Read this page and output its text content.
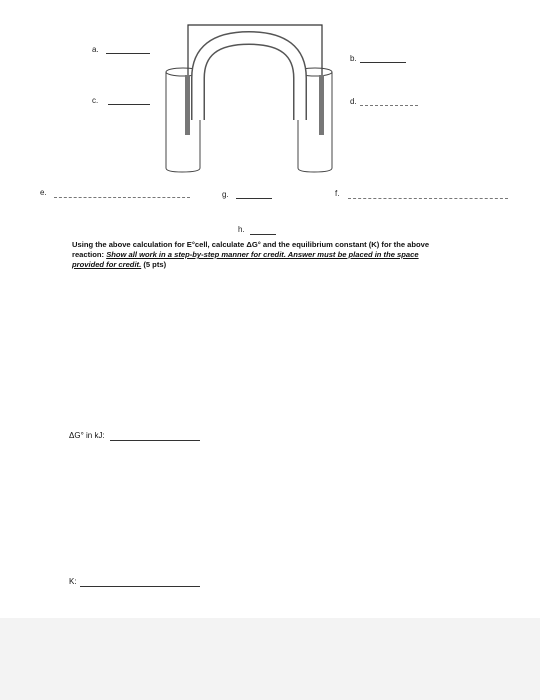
a.
b.
c.	d.
e.	g.	f.
h.
Using the above calculation for E°cell, calculate ΔG° and the equilibrium constant (K) for the above
reaction: Show all work in a step-by-step manner for credit. Answer must be placed in the space
provided for credit. (5 pts)
ΔG° in kJ:
K:
